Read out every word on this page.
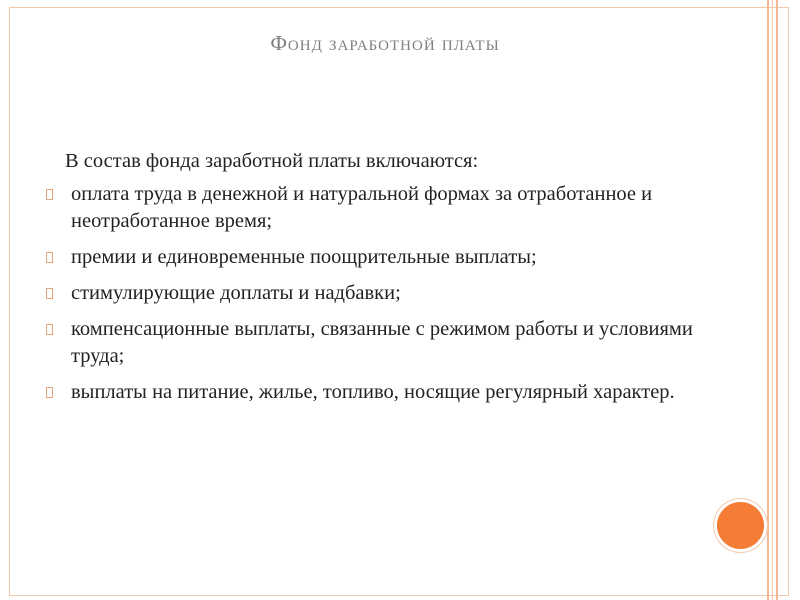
Фонд заработной платы
В состав фонда заработной платы включаются:
оплата труда в денежной и натуральной формах за отработанное и неотработанное время;
премии и единовременные поощрительные выплаты;
стимулирующие доплаты и надбавки;
компенсационные выплаты, связанные с режимом работы и условиями труда;
выплаты на питание, жилье, топливо, носящие регулярный характер.
